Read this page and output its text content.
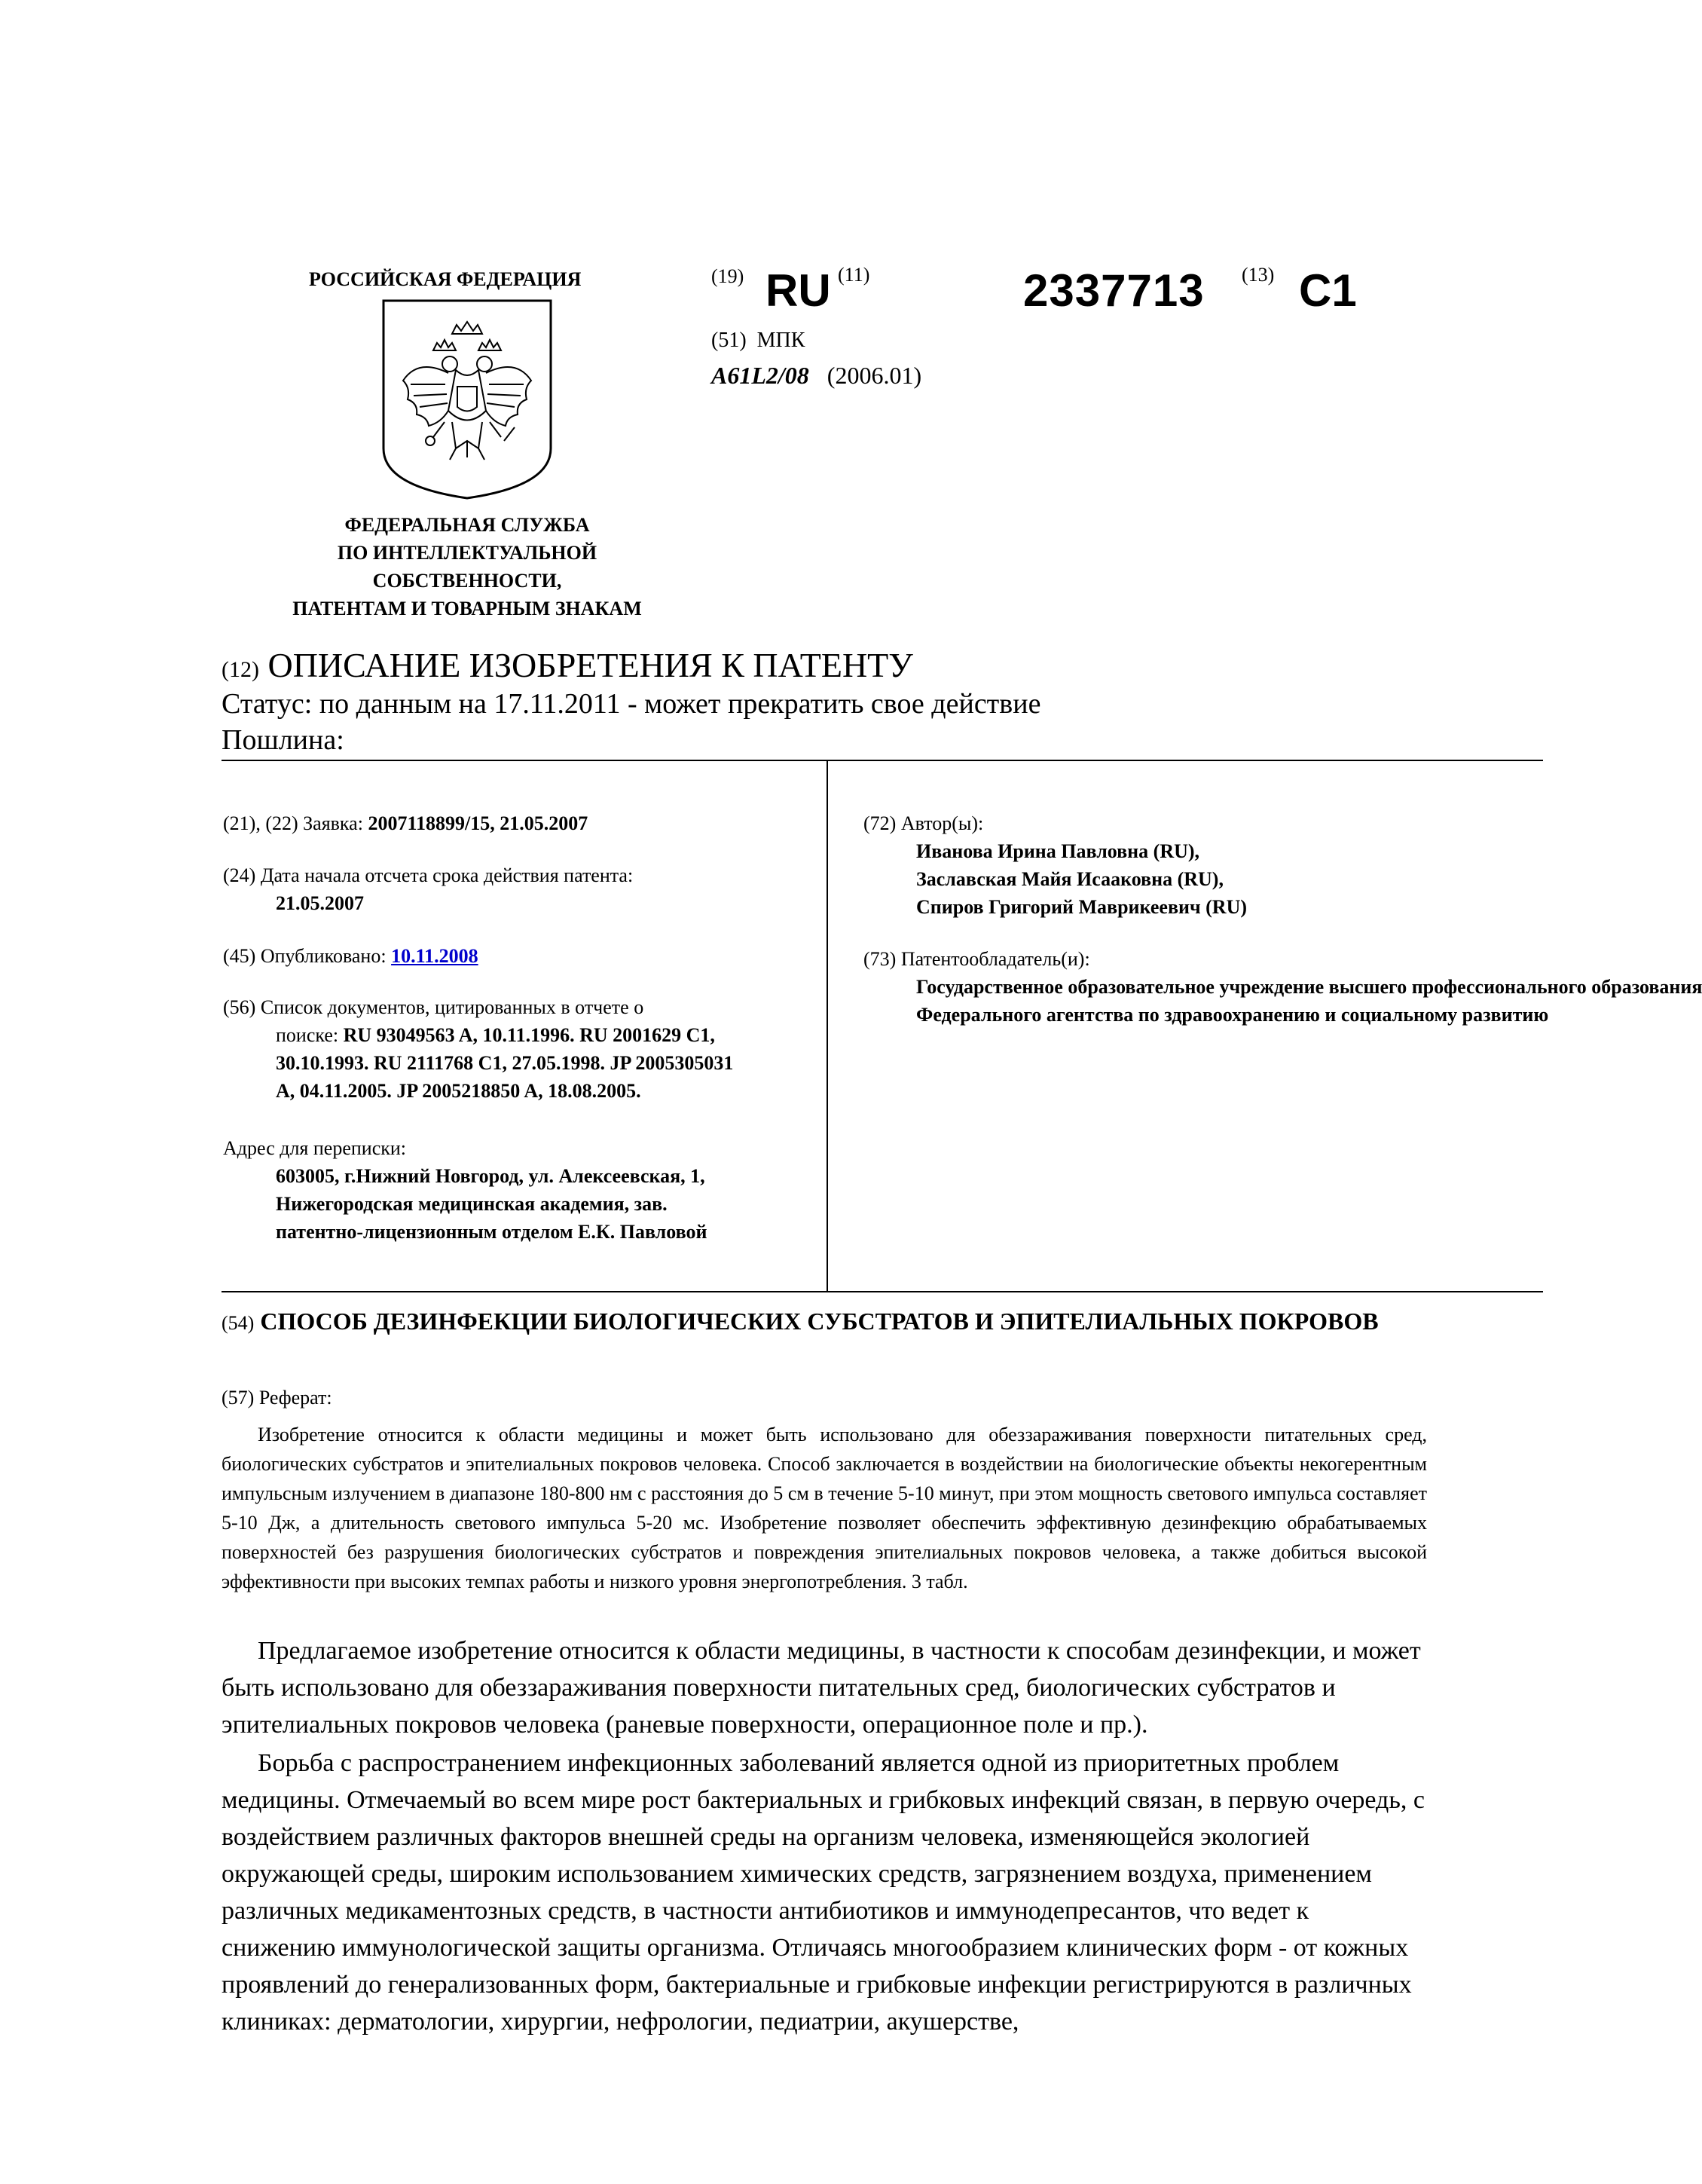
РОССИЙСКАЯ ФЕДЕРАЦИЯ
ФЕДЕРАЛЬНАЯ СЛУЖБА
ПО ИНТЕЛЛЕКТУАЛЬНОЙ
СОБСТВЕННОСТИ,
ПАТЕНТАМ И ТОВАРНЫМ ЗНАКАМ
(19) RU (11)	2337713 (13) C1
(51) МПК
A61L2/08 (2006.01)
(12) ОПИСАНИЕ ИЗОБРЕТЕНИЯ К ПАТЕНТУ
Статус: по данным на 17.11.2011 - может прекратить свое действие
Пошлина:
(21), (22) Заявка: 2007118899/15, 21.05.2007
(24) Дата начала отсчета срока действия патента:
21.05.2007
(45) Опубликовано: 10.11.2008
(56) Список документов, цитированных в отчете о
поиске: RU 93049563 A, 10.11.1996. RU 2001629 C1,
30.10.1993. RU 2111768 C1, 27.05.1998. JP 2005305031
A, 04.11.2005. JP 2005218850 A, 18.08.2005.
Адрес для переписки:
603005, г.Нижний Новгород, ул. Алексеевская, 1,
Нижегородская медицинская академия, зав.
патентно-лицензионным отделом Е.К. Павловой
(72) Автор(ы):
Иванова Ирина Павловна (RU),
Заславская Майя Исааковна (RU),
Спиров Григорий Маврикеевич (RU)
(73) Патентообладатель(и):
Государственное образовательное учреждение высшего профессионального образования
Федерального агентства по здравоохранению и социальному развитию
(54) СПОСОБ ДЕЗИНФЕКЦИИ БИОЛОГИЧЕСКИХ СУБСТРАТОВ И ЭПИТЕЛИАЛЬНЫХ ПОКРОВОВ
(57) Реферат:
Изобретение относится к области медицины и может быть использовано для обеззараживания поверхности питательных сред, биологических субстратов и эпителиальных покровов человека. Способ заключается в воздействии на биологические объекты некогерентным импульсным излучением в диапазоне 180-800 нм с расстояния до 5 см в течение 5-10 минут, при этом мощность светового импульса составляет 5-10 Дж, а длительность светового импульса 5-20 мс. Изобретение позволяет обеспечить эффективную дезинфекцию обрабатываемых поверхностей без разрушения биологических субстратов и повреждения эпителиальных покровов человека, а также добиться высокой эффективности при высоких темпах работы и низкого уровня энергопотребления. 3 табл.
Предлагаемое изобретение относится к области медицины, в частности к способам дезинфекции, и может быть использовано для обеззараживания поверхности питательных сред, биологических субстратов и эпителиальных покровов человека (раневые поверхности, операционное поле и пр.).
Борьба с распространением инфекционных заболеваний является одной из приоритетных проблем медицины. Отмечаемый во всем мире рост бактериальных и грибковых инфекций связан, в первую очередь, с воздействием различных факторов внешней среды на организм человека, изменяющейся экологией окружающей среды, широким использованием химических средств, загрязнением воздуха, применением различных медикаментозных средств, в частности антибиотиков и иммунодепресантов, что ведет к снижению иммунологической защиты организма. Отличаясь многообразием клинических форм - от кожных проявлений до генерализованных форм, бактериальные и грибковые инфекции регистрируются в различных клиниках: дерматологии, хирургии, нефрологии, педиатрии, акушерстве,
